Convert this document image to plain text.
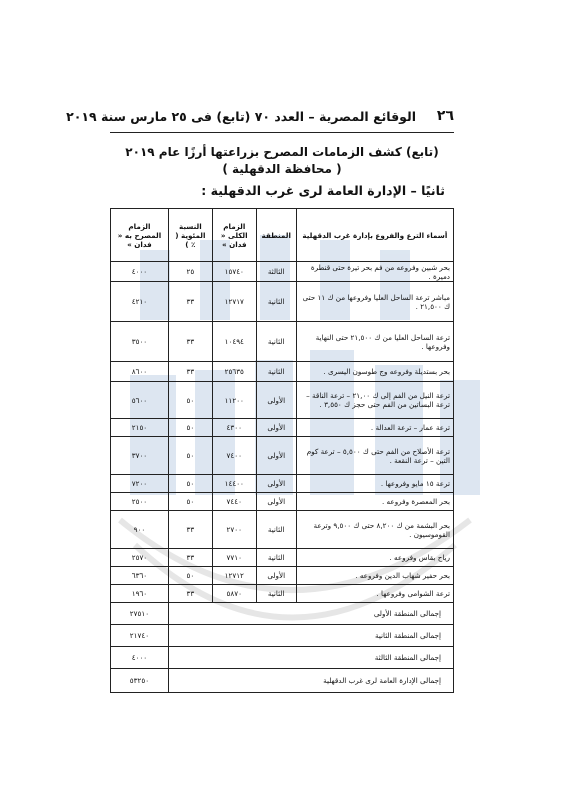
٢٦
الوقائع المصرية – العدد ٧٠ (تابع) فى ٢٥ مارس سنة ٢٠١٩
(تابع) كشف الزمامات المصرح بزراعتها أرزًا عام ٢٠١٩
( محافظة الدقهلية )
ثانيًا – الإدارة العامة لرى غرب الدقهلية :
أسماء الترع والفروع بإدارة غرب الدقهلية	المنطقة	الزمام الكلى « فدان »	النسبة المئوية ( ٪ )	الزمام المصرح به « فدان »
بحر شبين وفروعه من فم بحر تيرة حتى قنطرة دميرة .	الثالثة	١٥٧٤٠	٢٥	٤٠٠٠
مباشر ترعة الساحل العليا وفروعها من ك ١١ حتى ك ٢١,٥٠٠ .	الثانية	١٢٧١٧	٣٣	٤٢١٠
ترعة الساحل العليا من ك ٢١,٥٠٠ حتى النهاية وفروعها .	الثانية	١٠٤٩٤	٣٣	٣٥٠٠
بحر بستديلة وفروعه وج طوسون اليسرى .	الثانية	٢٥٦٣٥	٣٣	٨٦٠٠
ترعة النيل من الفم إلى ك ٢١,٠٠ – ترعة الناقة – ترعة البساتين من الفم حتى حجز ك ٣,٥٥٠ .	الأولى	١١٢٠٠	٥٠	٥٦٠٠
ترعة عمار – ترعة العدالة .	الأولى	٤٣٠٠	٥٠	٢١٥٠
ترعة الأصلاح من الفم حتى ك ٥,٥٠٠ – ترعة كوم التين – ترعة النقعة .	الأولى	٧٤٠٠	٥٠	٣٧٠٠
ترعة ١٥ مايو وفروعها .	الأولى	١٤٤٠٠	٥٠	٧٢٠٠
بحر المعصرة وفروعه .	الأولى	٧٤٤٠	٥٠	٢٥٠٠
بحر البشمة من ك ٨,٢٠٠ حتى ك ٩,٥٠٠ وترعة القوموسيون .	الثانية	٢٧٠٠	٣٣	٩٠٠
رياح بقاس وفروعه .	الثانية	٧٧١٠	٣٣	٢٥٧٠
بحر حفير شهاب الدين وفروعه .	الأولى	١٢٧١٢	٥٠	٦٣٦٠
ترعة الشوامى وفروعها .	الثانية	٥٨٧٠	٣٣	١٩٦٠
إجمالى المنطقة الأولى				٢٧٥١٠
إجمالى المنطقة الثانية				٢١٧٤٠
إجمالى المنطقة الثالثة				٤٠٠٠
إجمالى الإدارة العامة لرى غرب الدقهلية				٥٣٢٥٠
